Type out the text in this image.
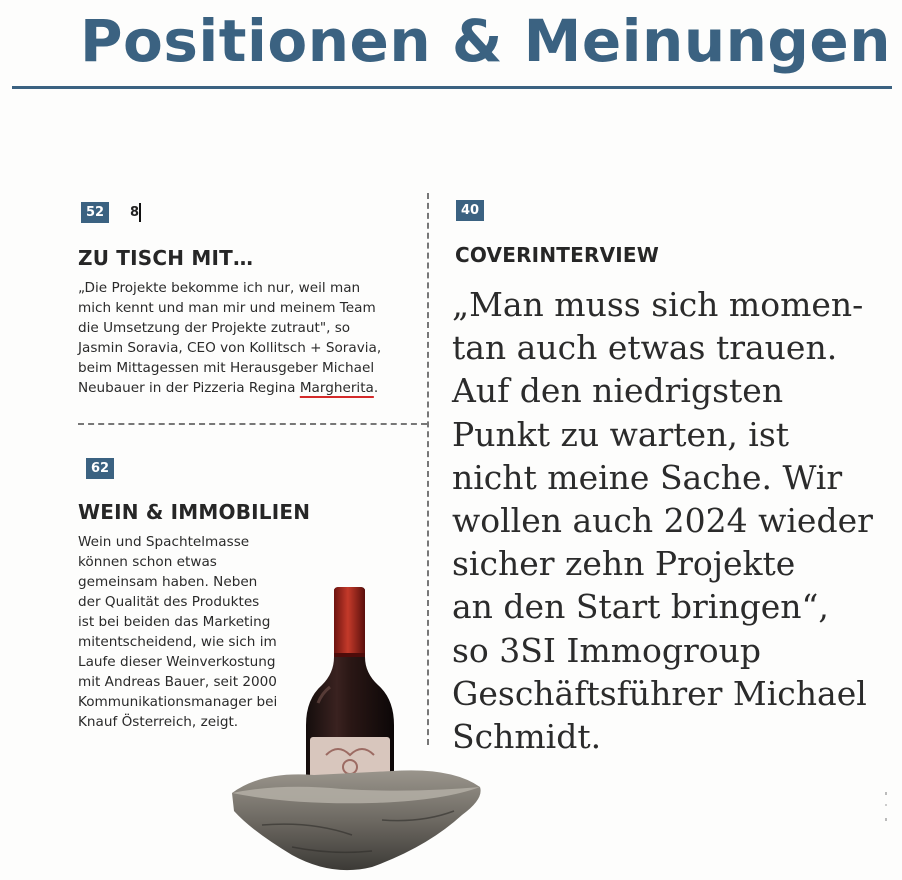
Positionen & Meinungen
52	8
ZU TISCH MIT…
„Die Projekte bekomme ich nur, weil man
mich kennt und man mir und meinem Team
die Umsetzung der Projekte zutraut", so
Jasmin Soravia, CEO von Kollitsch + Soravia,
beim Mittagessen mit Herausgeber Michael
Neubauer in der Pizzeria Regina Margherita.
62
WEIN & IMMOBILIEN
Wein und Spachtelmasse
können schon etwas
gemeinsam haben. Neben
der Qualität des Produktes
ist bei beiden das Marketing
mitentscheidend, wie sich im
Laufe dieser Weinverkostung
mit Andreas Bauer, seit 2000
Kommunikationsmanager bei
Knauf Österreich, zeigt.
40
COVERINTERVIEW
„Man muss sich momen-
tan auch etwas trauen.
Auf den niedrigsten
Punkt zu warten, ist
nicht meine Sache. Wir
wollen auch 2024 wieder
sicher zehn Projekte
an den Start bringen“,
so 3SI Immogroup
Geschäftsführer Michael
Schmidt.
